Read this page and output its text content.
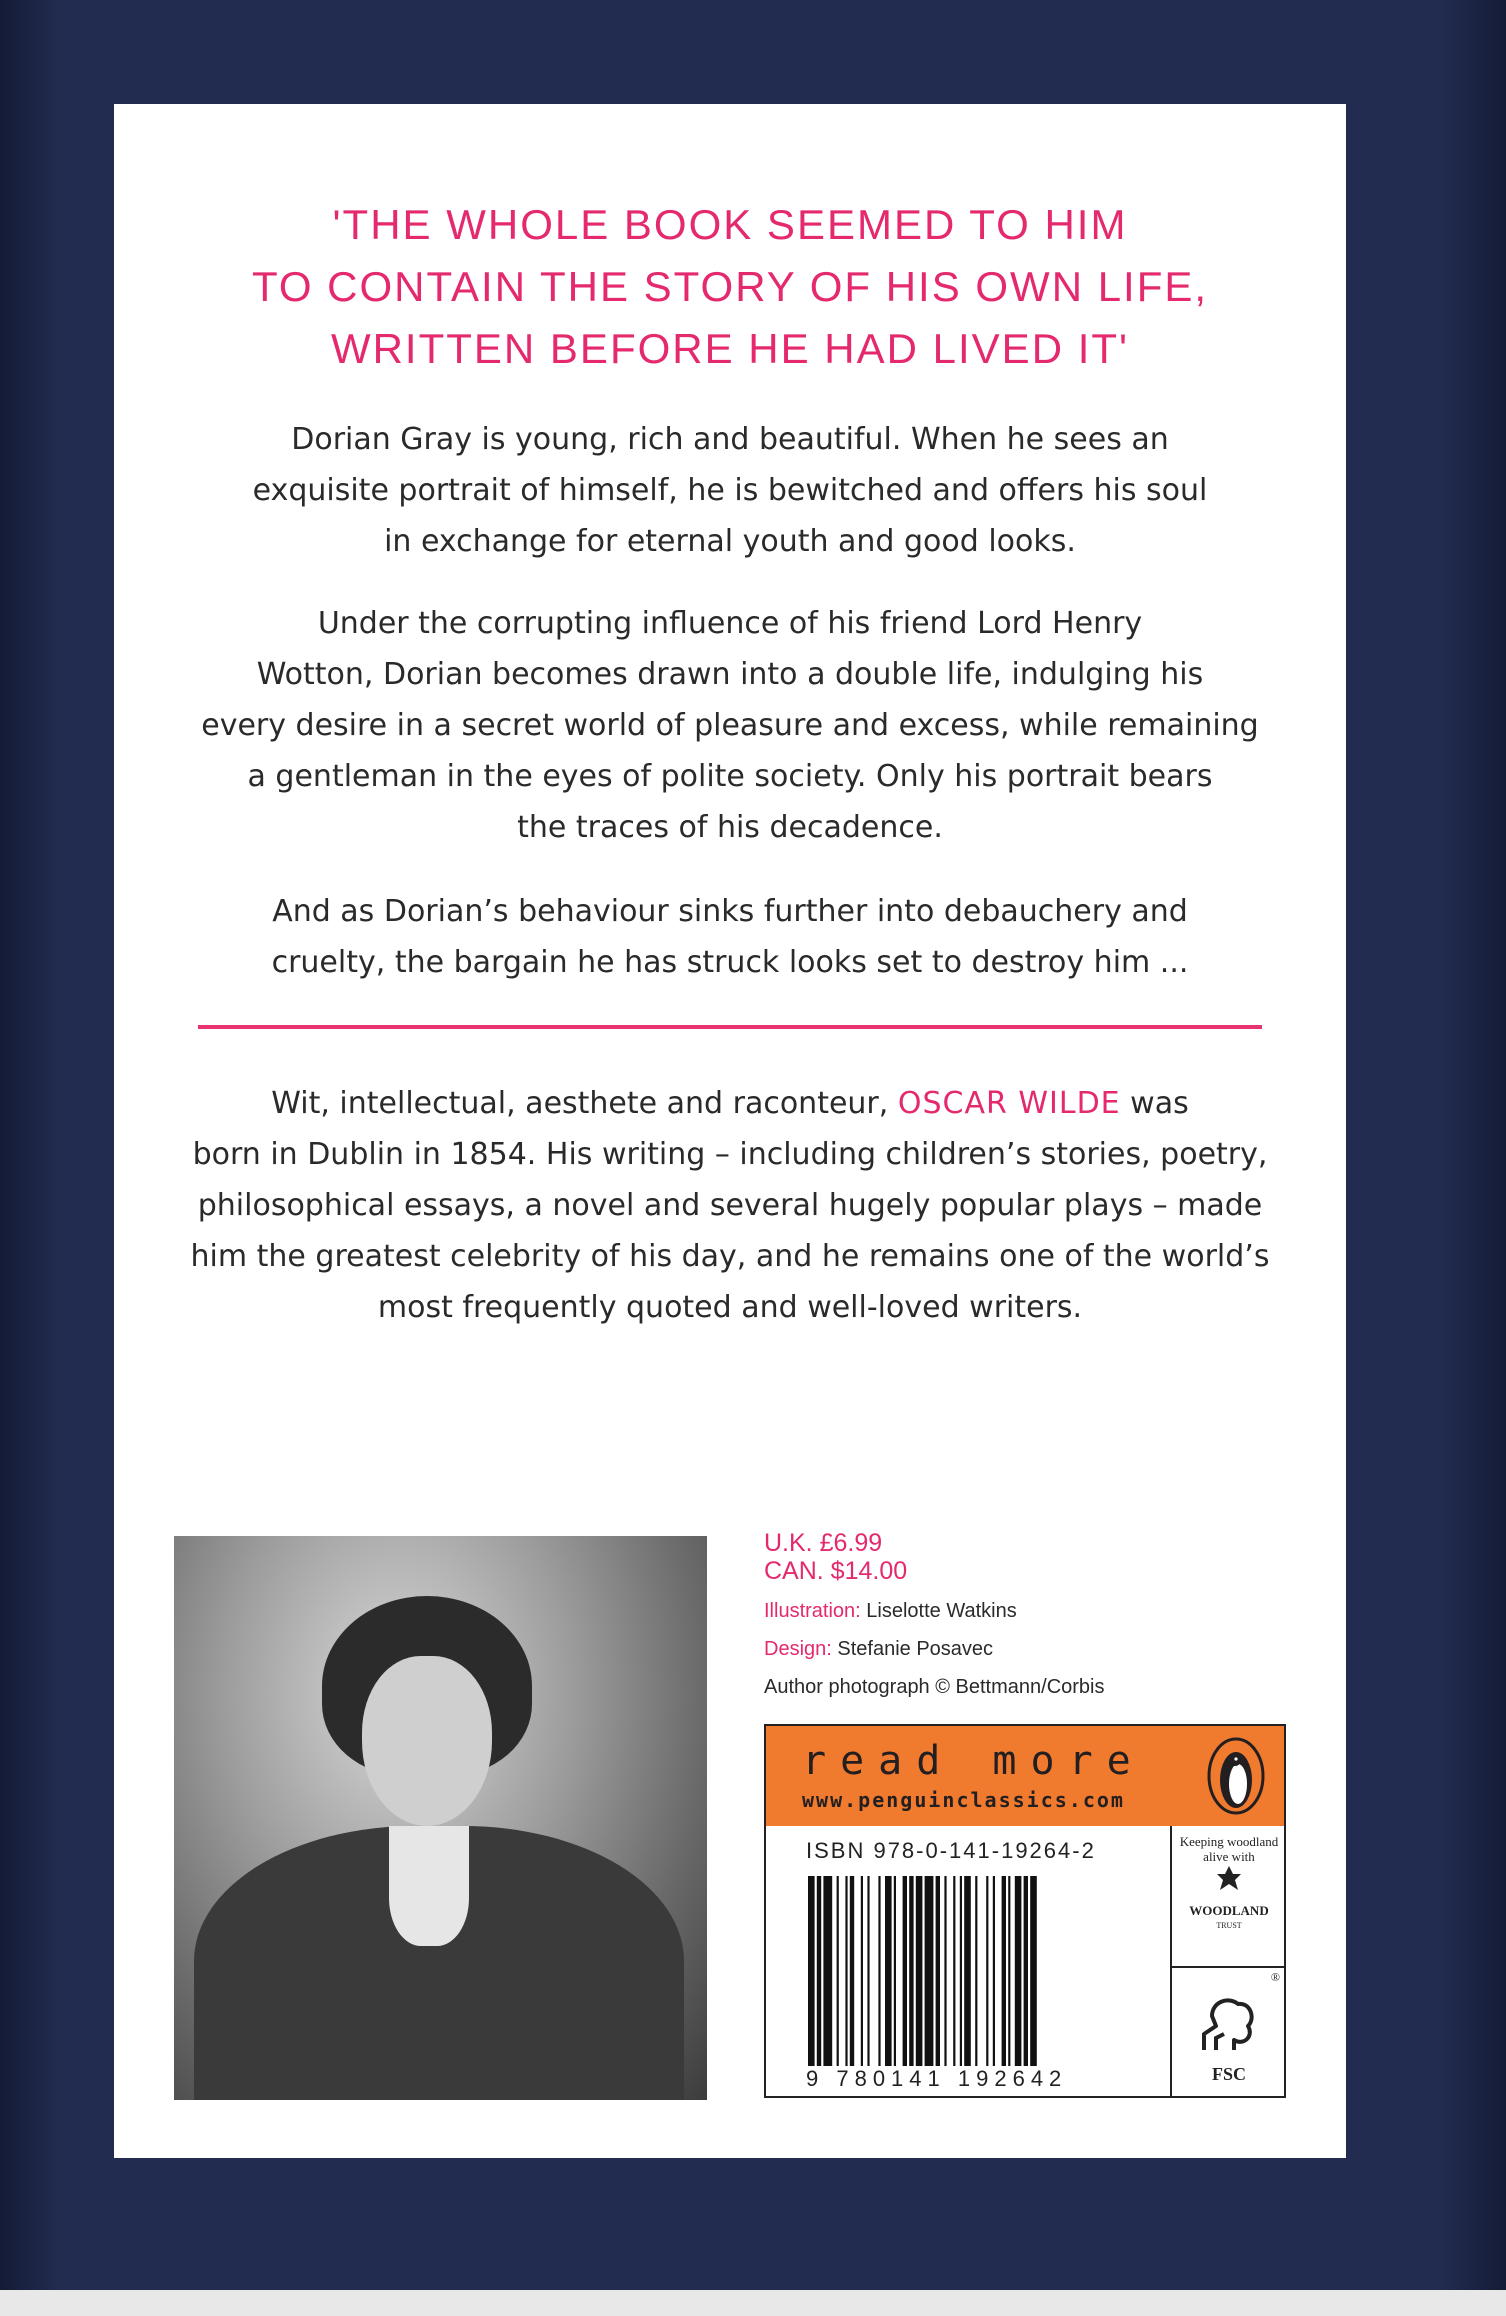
'THE WHOLE BOOK SEEMED TO HIM
TO CONTAIN THE STORY OF HIS OWN LIFE,
WRITTEN BEFORE HE HAD LIVED IT'
Dorian Gray is young, rich and beautiful. When he sees an
exquisite portrait of himself, he is bewitched and offers his soul
in exchange for eternal youth and good looks.
Under the corrupting influence of his friend Lord Henry
Wotton, Dorian becomes drawn into a double life, indulging his
every desire in a secret world of pleasure and excess, while remaining
a gentleman in the eyes of polite society. Only his portrait bears
the traces of his decadence.
And as Dorian’s behaviour sinks further into debauchery and
cruelty, the bargain he has struck looks set to destroy him ...
Wit, intellectual, aesthete and raconteur, OSCAR WILDE was
born in Dublin in 1854. His writing – including children’s stories, poetry,
philosophical essays, a novel and several hugely popular plays – made
him the greatest celebrity of his day, and he remains one of the world’s
most frequently quoted and well-loved writers.
U.K. £6.99
CAN. $14.00
Illustration: Liselotte Watkins
Design: Stefanie Posavec
Author photograph © Bettmann/Corbis
read more
www.penguinclassics.com
ISBN 978-0-141-19264-2
9 780141 192642
Keeping woodland alive with
WOODLAND
TRUST
®
FSC
